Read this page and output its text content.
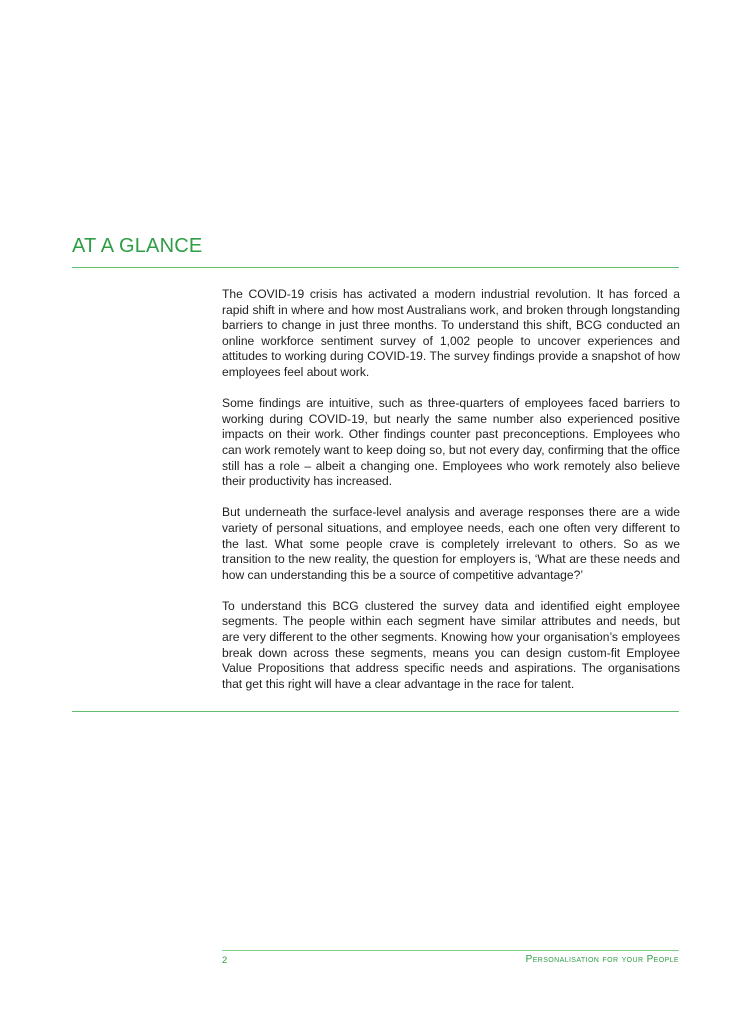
AT A GLANCE

The COVID-19 crisis has activated a modern industrial revolution. It has forced a rapid shift in where and how most Australians work, and broken through longstanding barriers to change in just three months. To understand this shift, BCG conducted an online workforce sentiment survey of 1,002 people to uncover experiences and attitudes to working during COVID-19. The survey findings provide a snapshot of how employees feel about work.

Some findings are intuitive, such as three-quarters of employees faced barriers to working during COVID-19, but nearly the same number also experienced positive impacts on their work. Other findings counter past preconceptions. Employees who can work remotely want to keep doing so, but not every day, confirming that the office still has a role – albeit a changing one. Employees who work remotely also believe their productivity has increased.

But underneath the surface-level analysis and average responses there are a wide variety of personal situations, and employee needs, each one often very different to the last. What some people crave is completely irrelevant to others. So as we transition to the new reality, the question for employers is, ‘What are these needs and how can understanding this be a source of competitive advantage?’

To understand this BCG clustered the survey data and identified eight employee segments. The people within each segment have similar attributes and needs, but are very different to the other segments. Knowing how your organisation’s employees break down across these segments, means you can design custom-fit Employee Value Propositions that address specific needs and aspirations. The organisations that get this right will have a clear advantage in the race for talent.

2	Personalisation for your People
